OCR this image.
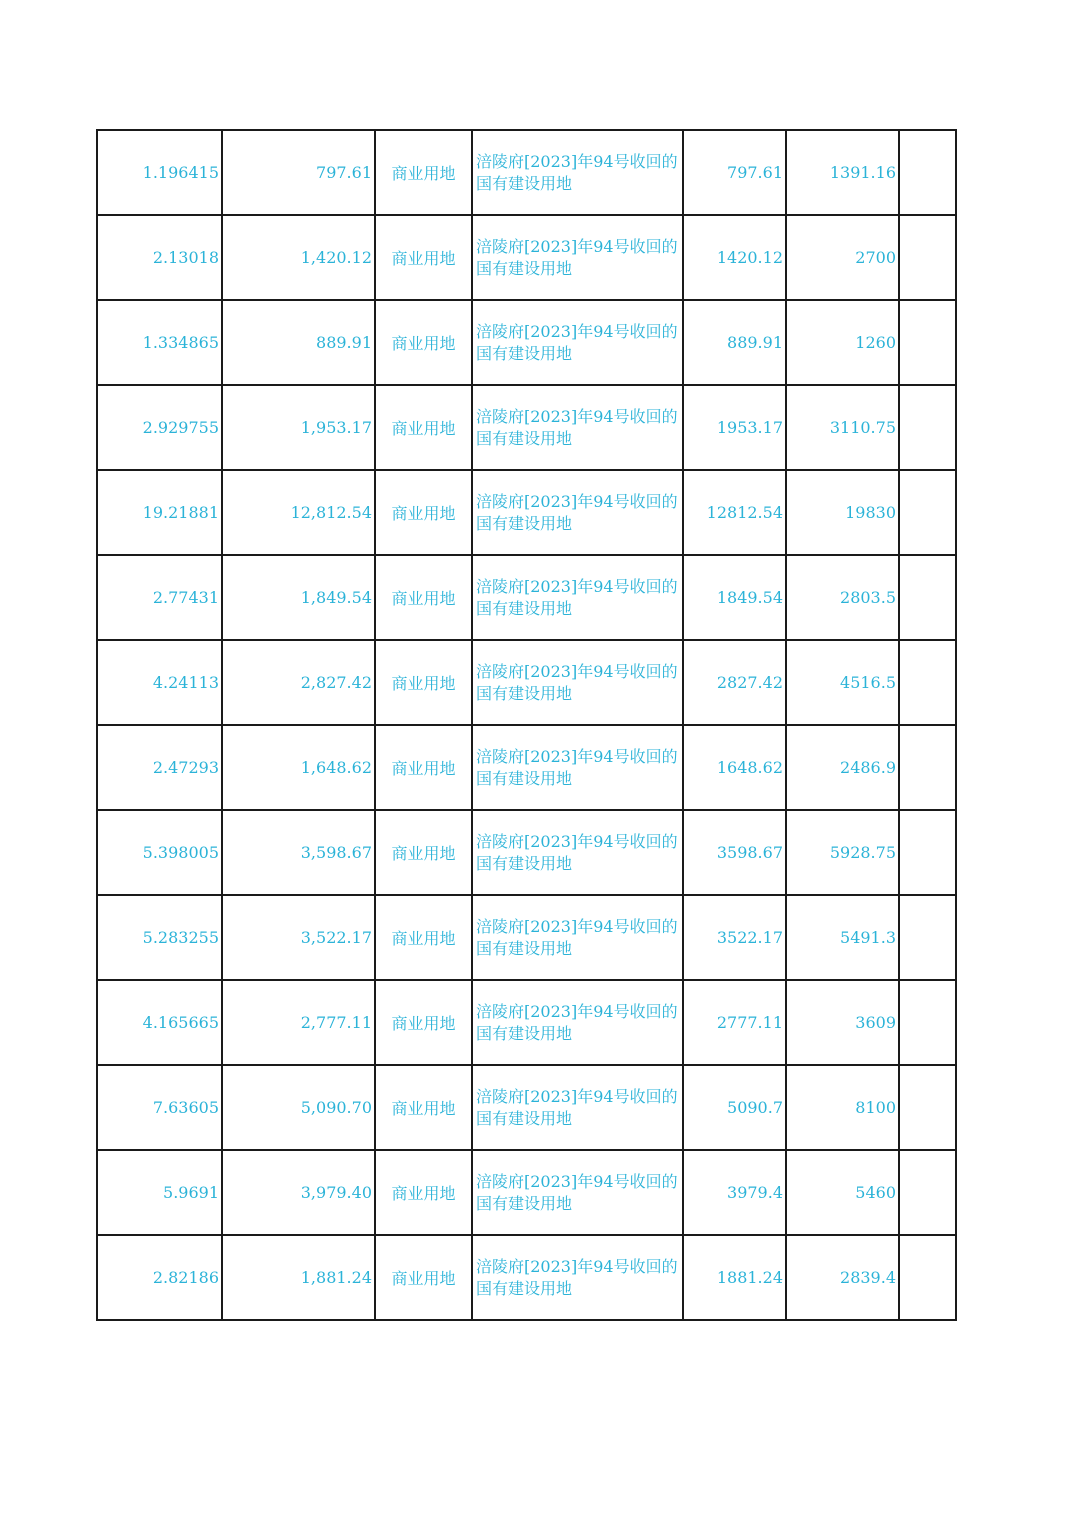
1.196415	797.61	商业用地	涪陵府[2023]年94号收回的国有建设用地	797.61	1391.16	
2.13018	1,420.12	商业用地	涪陵府[2023]年94号收回的国有建设用地	1420.12	2700	
1.334865	889.91	商业用地	涪陵府[2023]年94号收回的国有建设用地	889.91	1260	
2.929755	1,953.17	商业用地	涪陵府[2023]年94号收回的国有建设用地	1953.17	3110.75	
19.21881	12,812.54	商业用地	涪陵府[2023]年94号收回的国有建设用地	12812.54	19830	
2.77431	1,849.54	商业用地	涪陵府[2023]年94号收回的国有建设用地	1849.54	2803.5	
4.24113	2,827.42	商业用地	涪陵府[2023]年94号收回的国有建设用地	2827.42	4516.5	
2.47293	1,648.62	商业用地	涪陵府[2023]年94号收回的国有建设用地	1648.62	2486.9	
5.398005	3,598.67	商业用地	涪陵府[2023]年94号收回的国有建设用地	3598.67	5928.75	
5.283255	3,522.17	商业用地	涪陵府[2023]年94号收回的国有建设用地	3522.17	5491.3	
4.165665	2,777.11	商业用地	涪陵府[2023]年94号收回的国有建设用地	2777.11	3609	
7.63605	5,090.70	商业用地	涪陵府[2023]年94号收回的国有建设用地	5090.7	8100	
5.9691	3,979.40	商业用地	涪陵府[2023]年94号收回的国有建设用地	3979.4	5460	
2.82186	1,881.24	商业用地	涪陵府[2023]年94号收回的国有建设用地	1881.24	2839.4	
